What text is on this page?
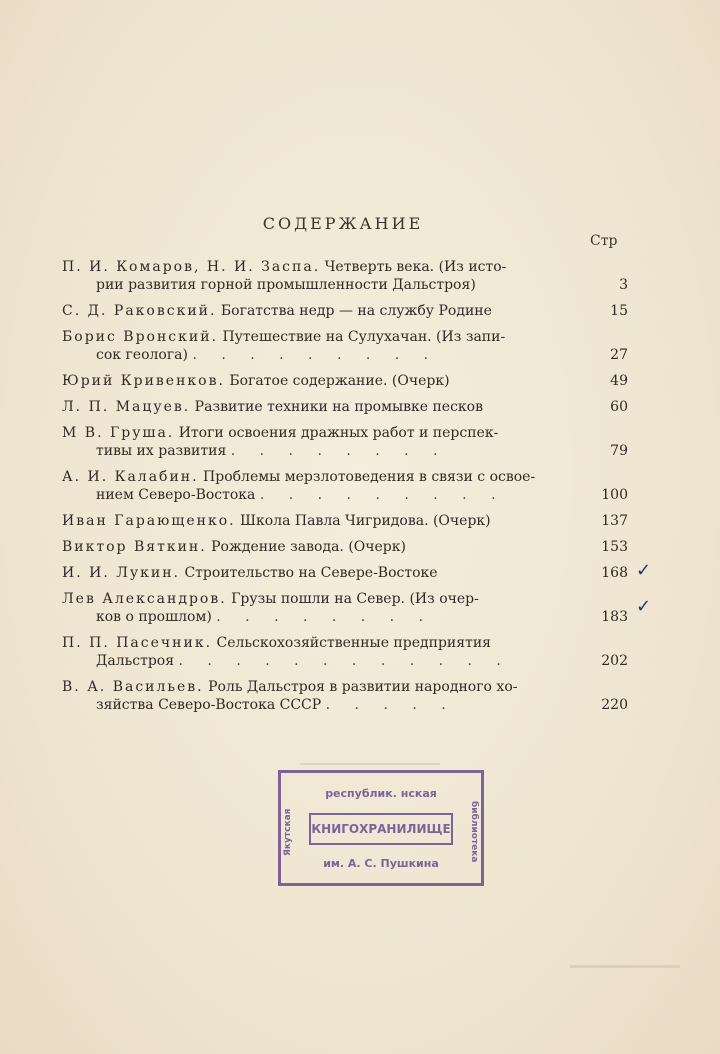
СОДЕРЖАНИЕ
Стр
П. И. Комаров, Н. И. Заспа. Четверть века. (Из исто-
рии развития горной промышленности Дальстроя)	3
С. Д. Раковский. Богатства недр — на службу Родине	15
Борис Вронский. Путешествие на Сулухачан. (Из запи-
сок геолога) . . . . . . . . .	27
Юрий Кривенков. Богатое содержание. (Очерк)	49
Л. П. Мацуев. Развитие техники на промывке песков	60
М В. Груша. Итоги освоения дражных работ и перспек-
тивы их развития . . . . . . . .	79
А. И. Калабин. Проблемы мерзлотоведения в связи с освое-
нием Северо-Востока . . . . . . . . .	100
Иван Гарающенко. Школа Павла Чигридова. (Очерк)	137
Виктор Вяткин. Рождение завода. (Очерк)	153
И. И. Лукин. Строительство на Севере-Востоке	168
Лев Александров. Грузы пошли на Север. (Из очер-
ков о прошлом) . . . . . . . .	183
П. П. Пасечник. Сельскохозяйственные предприятия
Дальстроя . . . . . . . . . . . .	202
В. А. Васильев. Роль Дальстроя в развитии народного хо-
зяйства Северо-Востока СССР . . . . .	220
✓
✓
республик. нская
КНИГОХРАНИЛИЩЕ
им. А. С. Пушкина
Якутская	библиотека
